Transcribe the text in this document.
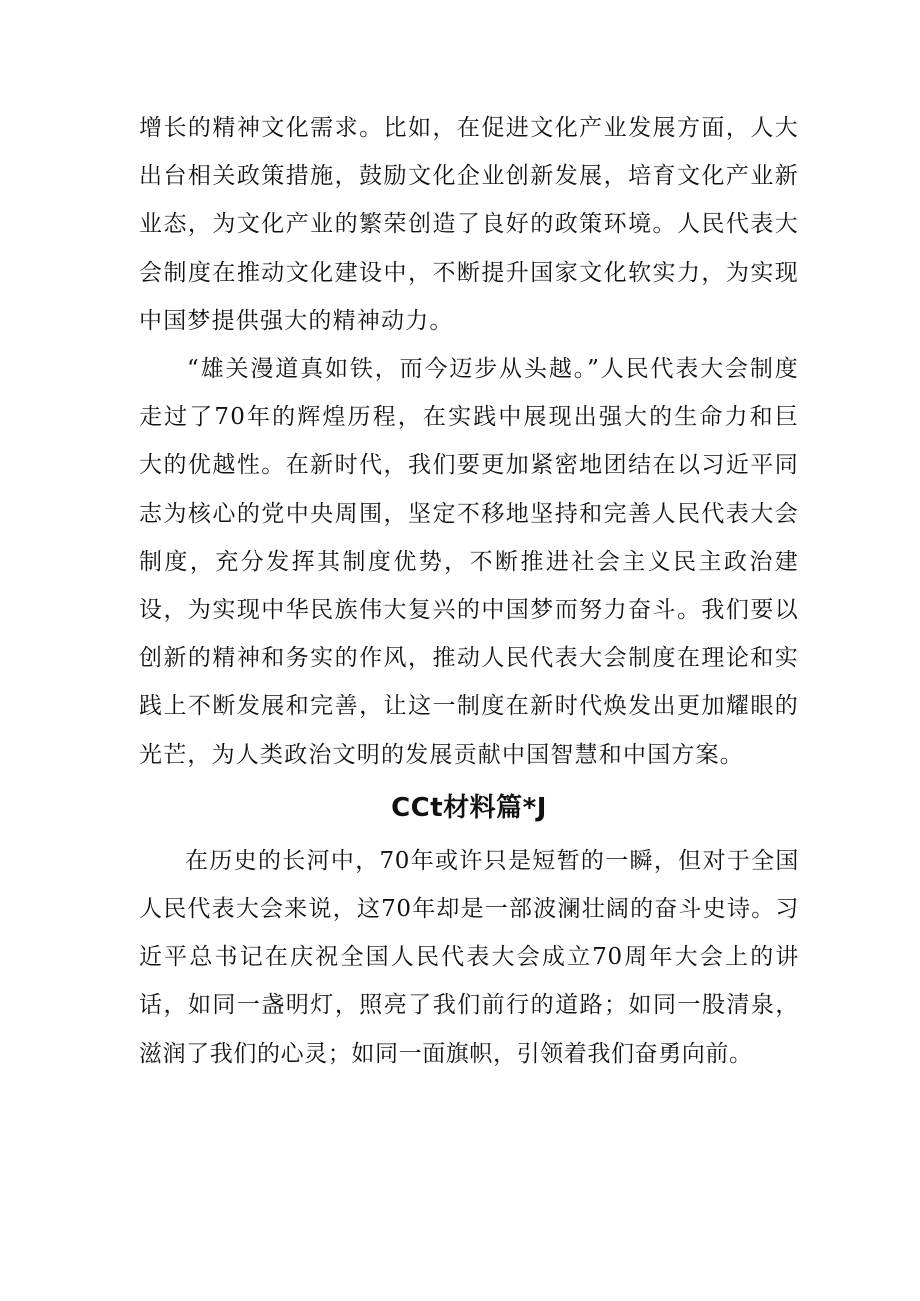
增长的精神文化需求。比如，在促进文化产业发展方面，人大出台相关政策措施，鼓励文化企业创新发展，培育文化产业新业态，为文化产业的繁荣创造了良好的政策环境。人民代表大会制度在推动文化建设中，不断提升国家文化软实力，为实现中国梦提供强大的精神动力。

“雄关漫道真如铁，而今迈步从头越。”人民代表大会制度走过了70年的辉煌历程，在实践中展现出强大的生命力和巨大的优越性。在新时代，我们要更加紧密地团结在以习近平同志为核心的党中央周围，坚定不移地坚持和完善人民代表大会制度，充分发挥其制度优势，不断推进社会主义民主政治建设，为实现中华民族伟大复兴的中国梦而努力奋斗。我们要以创新的精神和务实的作风，推动人民代表大会制度在理论和实践上不断发展和完善，让这一制度在新时代焕发出更加耀眼的光芒，为人类政治文明的发展贡献中国智慧和中国方案。

CCt材料篇*J

在历史的长河中，70年或许只是短暂的一瞬，但对于全国人民代表大会来说，这70年却是一部波澜壮阔的奋斗史诗。习近平总书记在庆祝全国人民代表大会成立70周年大会上的讲话，如同一盏明灯，照亮了我们前行的道路；如同一股清泉，滋润了我们的心灵；如同一面旗帜，引领着我们奋勇向前。
